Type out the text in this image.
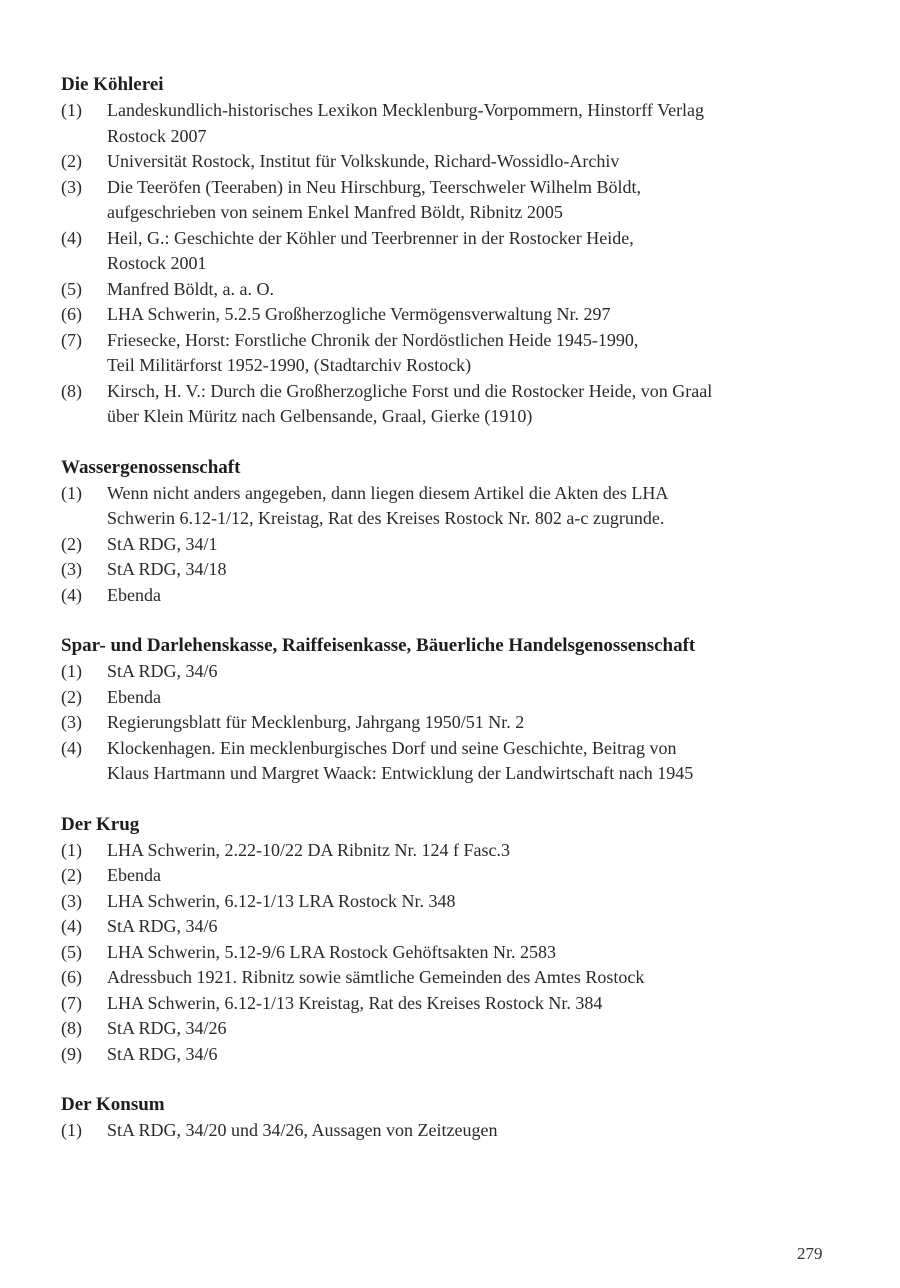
Die Köhlerei
(1)	Landeskundlich-historisches Lexikon Mecklenburg-Vorpommern, Hinstorff Verlag
Rostock 2007
(2)	Universität Rostock, Institut für Volkskunde, Richard-Wossidlo-Archiv
(3)	Die Teeröfen (Teeraben) in Neu Hirschburg, Teerschweler Wilhelm Böldt,
aufgeschrieben von seinem Enkel Manfred Böldt, Ribnitz 2005
(4)	Heil, G.: Geschichte der Köhler und Teerbrenner in der Rostocker Heide,
Rostock 2001
(5)	Manfred Böldt, a. a. O.
(6)	LHA Schwerin, 5.2.5 Großherzogliche Vermögensverwaltung Nr. 297
(7)	Friesecke, Horst: Forstliche Chronik der Nordöstlichen Heide 1945-1990,
Teil Militärforst 1952-1990, (Stadtarchiv Rostock)
(8)	Kirsch, H. V.: Durch die Großherzogliche Forst und die Rostocker Heide, von Graal
über Klein Müritz nach Gelbensande, Graal, Gierke (1910)
Wassergenossenschaft
(1)	Wenn nicht anders angegeben, dann liegen diesem Artikel die Akten des LHA
Schwerin 6.12-1/12, Kreistag, Rat des Kreises Rostock Nr. 802 a-c zugrunde.
(2)	StA RDG, 34/1
(3)	StA RDG, 34/18
(4)	Ebenda
Spar- und Darlehenskasse, Raiffeisenkasse, Bäuerliche Handelsgenossenschaft
(1)	StA RDG, 34/6
(2)	Ebenda
(3)	Regierungsblatt für Mecklenburg, Jahrgang 1950/51 Nr. 2
(4)	Klockenhagen. Ein mecklenburgisches Dorf und seine Geschichte, Beitrag von
Klaus Hartmann und Margret Waack: Entwicklung der Landwirtschaft nach 1945
Der Krug
(1)	LHA Schwerin, 2.22-10/22 DA Ribnitz Nr. 124 f Fasc.3
(2)	Ebenda
(3)	LHA Schwerin, 6.12-1/13 LRA Rostock Nr. 348
(4)	StA RDG, 34/6
(5)	LHA Schwerin, 5.12-9/6 LRA Rostock Gehöftsakten Nr. 2583
(6)	Adressbuch 1921. Ribnitz sowie sämtliche Gemeinden des Amtes Rostock
(7)	LHA Schwerin, 6.12-1/13 Kreistag, Rat des Kreises Rostock Nr. 384
(8)	StA RDG, 34/26
(9)	StA RDG, 34/6
Der Konsum
(1)	StA RDG, 34/20 und 34/26, Aussagen von Zeitzeugen
279
